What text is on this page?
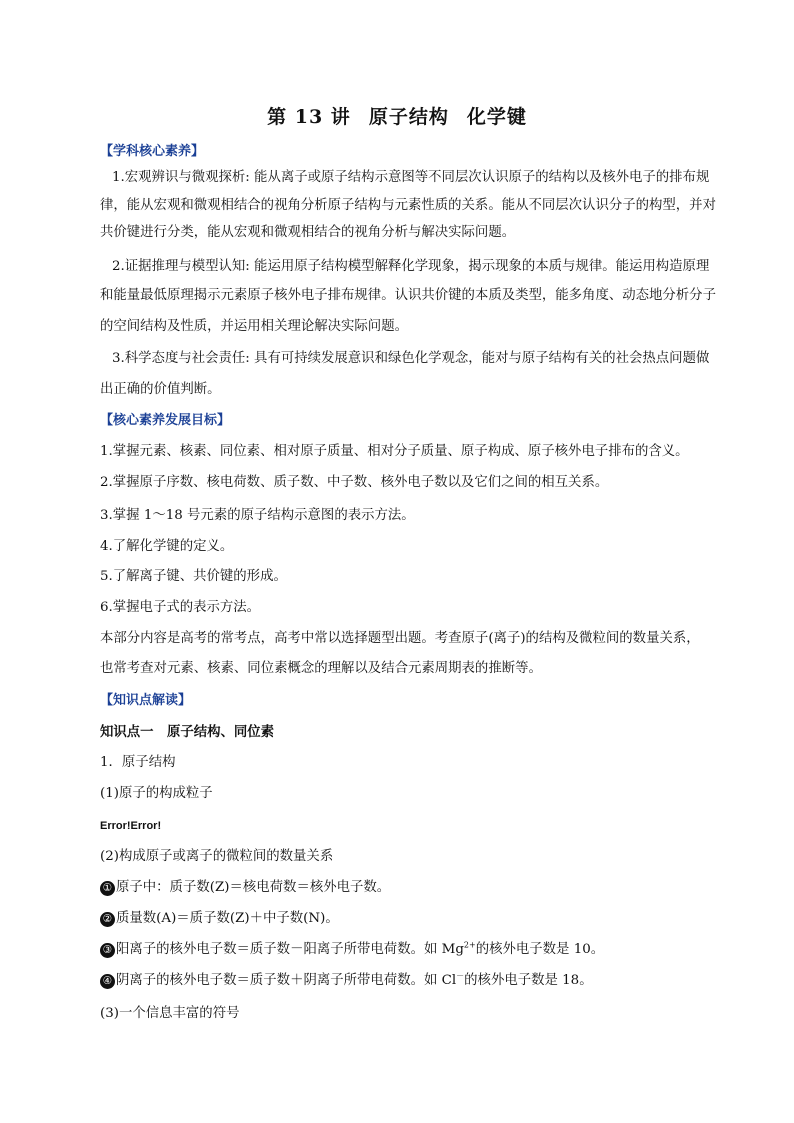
第 13 讲 原子结构 化学键
【学科核心素养】
1.宏观辨识与微观探析: 能从离子或原子结构示意图等不同层次认识原子的结构以及核外电子的排布规
律，能从宏观和微观相结合的视角分析原子结构与元素性质的关系。能从不同层次认识分子的构型，并对
共价键进行分类，能从宏观和微观相结合的视角分析与解决实际问题。
2.证据推理与模型认知: 能运用原子结构模型解释化学现象，揭示现象的本质与规律。能运用构造原理
和能量最低原理揭示元素原子核外电子排布规律。认识共价键的本质及类型，能多角度、动态地分析分子
的空间结构及性质，并运用相关理论解决实际问题。
3.科学态度与社会责任: 具有可持续发展意识和绿色化学观念，能对与原子结构有关的社会热点问题做
出正确的价值判断。
【核心素养发展目标】
1.掌握元素、核素、同位素、相对原子质量、相对分子质量、原子构成、原子核外电子排布的含义。
2.掌握原子序数、核电荷数、质子数、中子数、核外电子数以及它们之间的相互关系。
3.掌握 1～18 号元素的原子结构示意图的表示方法。
4.了解化学键的定义。
5.了解离子键、共价键的形成。
6.掌握电子式的表示方法。
本部分内容是高考的常考点，高考中常以选择题型出题。考查原子(离子)的结构及微粒间的数量关系，
也常考查对元素、核素、同位素概念的理解以及结合元素周期表的推断等。
【知识点解读】
知识点一　原子结构、同位素
1．原子结构
(1)原子的构成粒子
Error!Error!
(2)构成原子或离子的微粒间的数量关系
① 原子中：质子数(Z)＝核电荷数＝核外电子数。
② 质量数(A)＝质子数(Z)＋中子数(N)。
③ 阳离子的核外电子数＝质子数－阳离子所带电荷数。如 $Mg^{2+}$的核外电子数是 10。
④ 阴离子的核外电子数＝质子数＋阴离子所带电荷数。如 Cl－的核外电子数是 18。
(3)一个信息丰富的符号
